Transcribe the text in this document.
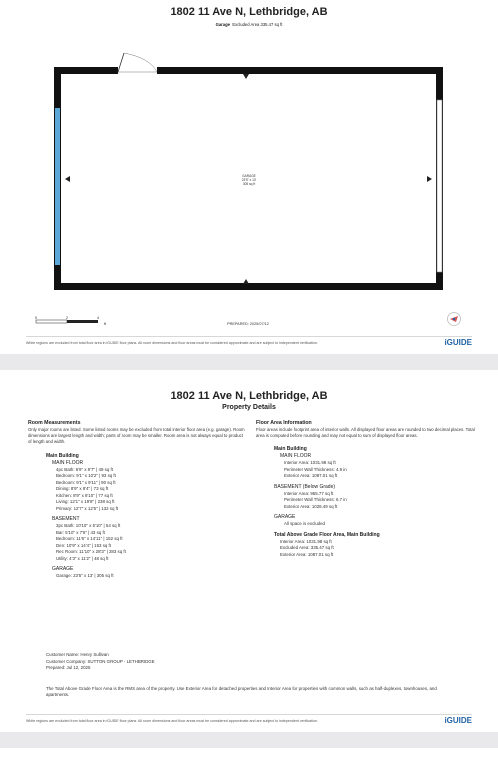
1802 11 Ave N, Lethbridge, AB
Garage Excluded Area 335.47 sq ft
GARAGE
23'5" x 13'
305 sq ft
0	2	4
ft	PREPARED: 2025/07/12
White regions are excluded from total floor area in iGUIDE floor plans. All room dimensions and floor areas must be considered approximate and are subject to independent verification.	iGUIDE
1802 11 Ave N, Lethbridge, AB
Property Details
Room Measurements
Only major rooms are listed. Some listed rooms may be excluded from total interior floor area (e.g. garage). Room dimensions are largest length and width; parts of room may be smaller. Room area is not always equal to product of length and width.
Main Building
MAIN FLOOR
4pc Bath: 6'9" x 8'7" | 49 sq ft
Bedroom: 9'1" x 10'2" | 93 sq ft
Bedroom: 9'1" x 9'11" | 90 sq ft
Dining: 8'9" x 8'4" | 73 sq ft
Kitchen: 8'9" x 8'10" | 77 sq ft
Living: 12'1" x 19'8" | 238 sq ft
Primary: 12'7" x 12'5" | 132 sq ft
BASEMENT
3pc Bath: 10'10" x 5'10" | 54 sq ft
Bar: 5'10" x 7'5" | 43 sq ft
Bedroom: 11'6" x 14'11" | 152 sq ft
Den: 10'9" x 14'4" | 153 sq ft
Rec Room: 11'10" x 28'3" | 283 sq ft
Utility: 4'3" x 11'2" | 48 sq ft
GARAGE
Garage: 23'5" x 13' | 305 sq ft
Floor Area Information
Floor areas include footprint area of interior walls. All displayed floor areas are rounded to two decimal places. Total area is computed before rounding and may not equal to sum of displayed floor areas.
Main Building
MAIN FLOOR
Interior Area: 1031.98 sq ft
Perimeter Wall Thickness: 4.9 in
Exterior Area: 1087.01 sq ft
BASEMENT (Below Grade)
Interior Area: 955.77 sq ft
Perimeter Wall Thickness: 6.7 in
Exterior Area: 1028.49 sq ft
GARAGE
All space is excluded
Total Above Grade Floor Area, Main Building
Interior Area: 1031.98 sq ft
Excluded Area: 335.47 sq ft
Exterior Area: 1087.01 sq ft
Customer Name: Henry Sullivan
Customer Company: SUTTON GROUP - LETHBRIDGE
Prepared: Jul 12, 2025
The Total Above Grade Floor Area is the RMS area of the property. Use Exterior Area for detached properties and Interior Area for properties with common walls, such as half-duplexes, townhouses, and apartments.
White regions are excluded from total floor area in iGUIDE floor plans. All room dimensions and floor areas must be considered approximate and are subject to independent verification.	iGUIDE
